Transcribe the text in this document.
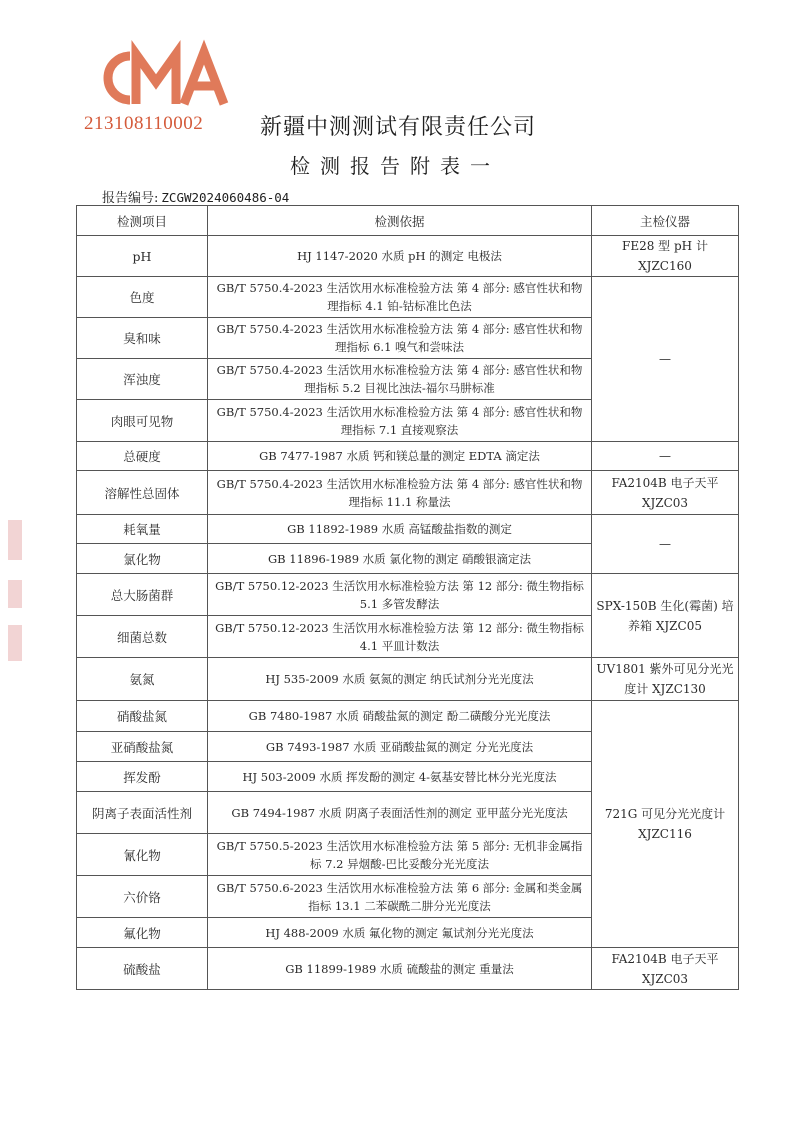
213108110002	新疆中测测试有限责任公司
检测报告附表一
报告编号: ZCGW2024060486-04
检测项目	检测依据	主检仪器
pH	HJ 1147-2020 水质 pH 的测定 电极法	FE28 型 pH 计 XJZC160
色度	GB/T 5750.4-2023 生活饮用水标准检验方法 第 4 部分: 感官性状和物理指标 4.1 铂-钴标准比色法	—
臭和味	GB/T 5750.4-2023 生活饮用水标准检验方法 第 4 部分: 感官性状和物理指标 6.1 嗅气和尝味法	
浑浊度	GB/T 5750.4-2023 生活饮用水标准检验方法 第 4 部分: 感官性状和物理指标 5.2 目视比浊法-福尔马肼标准	
肉眼可见物	GB/T 5750.4-2023 生活饮用水标准检验方法 第 4 部分: 感官性状和物理指标 7.1 直接观察法	
总硬度	GB 7477-1987 水质 钙和镁总量的测定 EDTA 滴定法	—
溶解性总固体	GB/T 5750.4-2023 生活饮用水标准检验方法 第 4 部分: 感官性状和物理指标 11.1 称量法	FA2104B 电子天平 XJZC03
耗氧量	GB 11892-1989 水质 高锰酸盐指数的测定	—
氯化物	GB 11896-1989 水质 氯化物的测定 硝酸银滴定法	
总大肠菌群	GB/T 5750.12-2023 生活饮用水标准检验方法 第 12 部分: 微生物指标 5.1 多管发酵法	SPX-150B 生化(霉菌) 培养箱 XJZC05
细菌总数	GB/T 5750.12-2023 生活饮用水标准检验方法 第 12 部分: 微生物指标 4.1 平皿计数法	
氨氮	HJ 535-2009 水质 氨氮的测定 纳氏试剂分光光度法	UV1801 紫外可见分光光度计 XJZC130
硝酸盐氮	GB 7480-1987 水质 硝酸盐氮的测定 酚二磺酸分光光度法	721G 可见分光光度计 XJZC116
亚硝酸盐氮	GB 7493-1987 水质 亚硝酸盐氮的测定 分光光度法	
挥发酚	HJ 503-2009 水质 挥发酚的测定 4-氨基安替比林分光光度法	
阴离子表面活性剂	GB 7494-1987 水质 阴离子表面活性剂的测定 亚甲蓝分光光度法	
氰化物	GB/T 5750.5-2023 生活饮用水标准检验方法 第 5 部分: 无机非金属指标 7.2 异烟酸-巴比妥酸分光光度法	
六价铬	GB/T 5750.6-2023 生活饮用水标准检验方法 第 6 部分: 金属和类金属指标 13.1 二苯碳酰二肼分光光度法	
氟化物	HJ 488-2009 水质 氟化物的测定 氟试剂分光光度法	
硫酸盐	GB 11899-1989 水质 硫酸盐的测定 重量法	FA2104B 电子天平 XJZC03
